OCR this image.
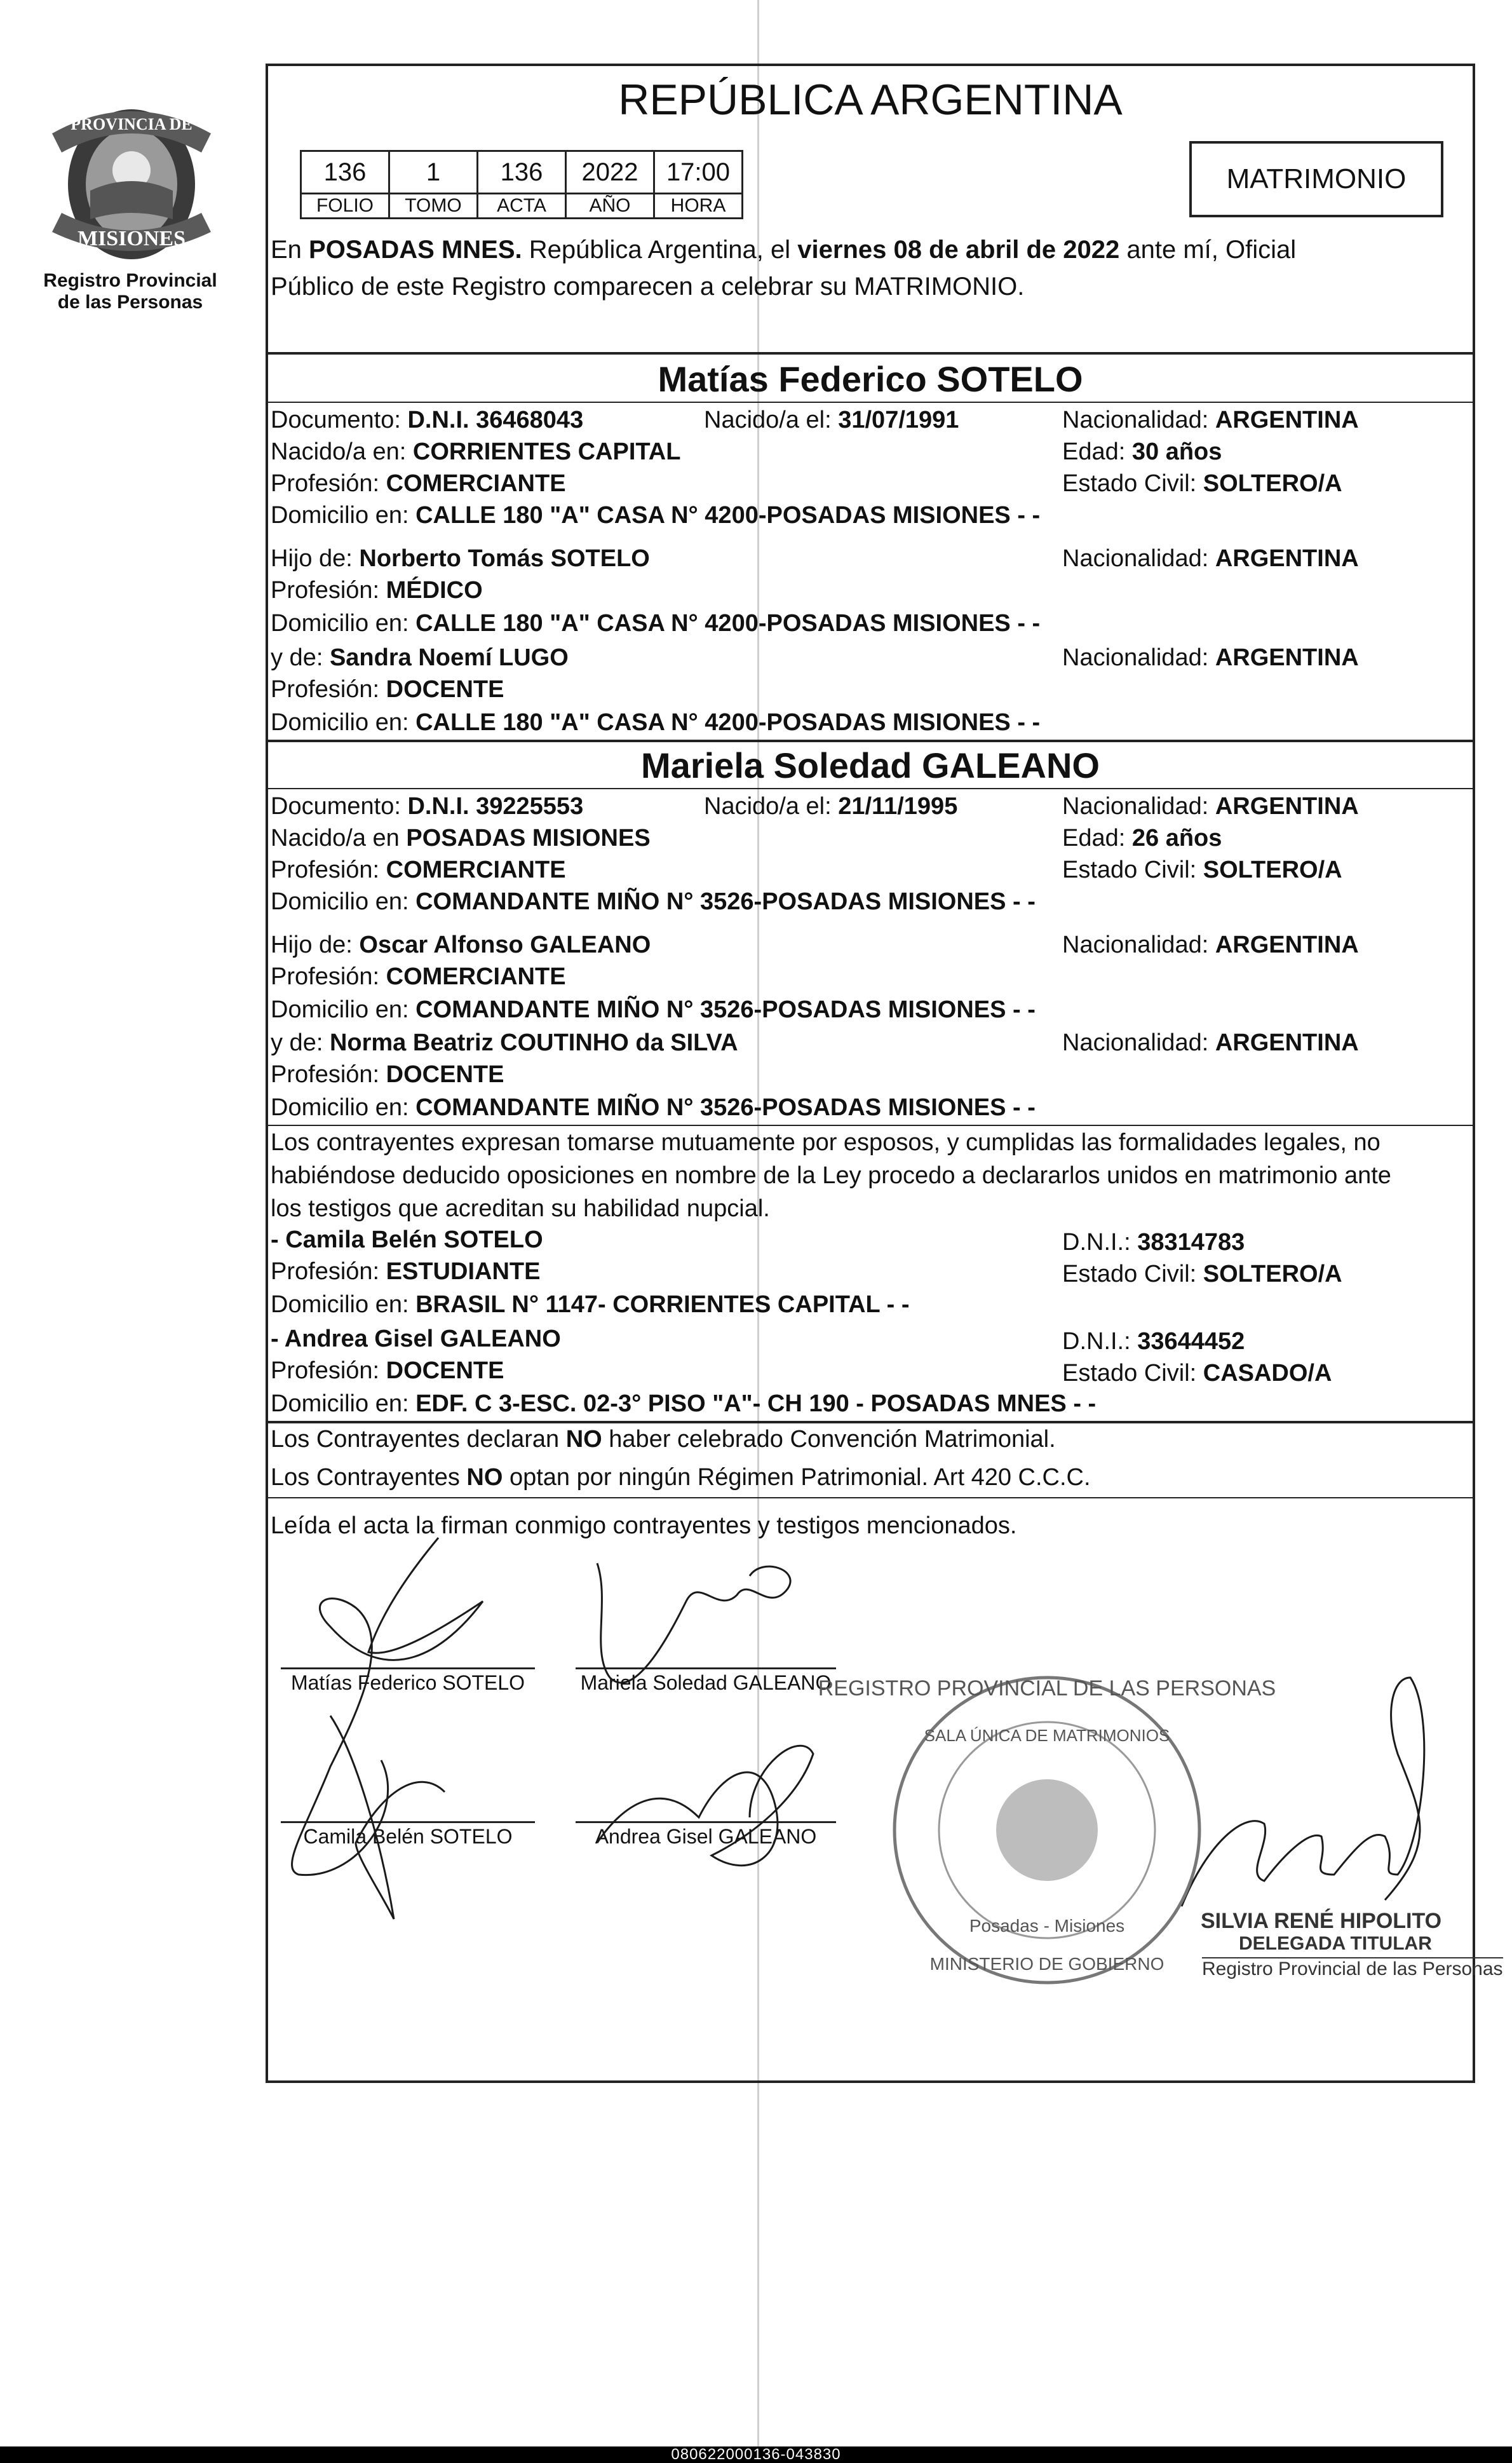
PROVINCIA DE
MISIONES
Registro Provincial
de las Personas
REPÚBLICA ARGENTINA
136	1	136	2022	17:00
FOLIO	TOMO	ACTA	AÑO	HORA
MATRIMONIO
En POSADAS MNES. República Argentina, el viernes 08 de abril de 2022 ante mí, Oficial
Público de este Registro comparecen a celebrar su MATRIMONIO.
Matías Federico SOTELO
Documento: D.N.I. 36468043	Nacido/a el: 31/07/1991	Nacionalidad: ARGENTINA
Nacido/a en: CORRIENTES CAPITAL	Edad: 30 años
Profesión: COMERCIANTE	Estado Civil: SOLTERO/A
Domicilio en: CALLE 180 "A" CASA N° 4200-POSADAS MISIONES - -
Hijo de: Norberto Tomás SOTELO	Nacionalidad: ARGENTINA
Profesión: MÉDICO
Domicilio en: CALLE 180 "A" CASA N° 4200-POSADAS MISIONES - -
y de: Sandra Noemí LUGO	Nacionalidad: ARGENTINA
Profesión: DOCENTE
Domicilio en: CALLE 180 "A" CASA N° 4200-POSADAS MISIONES - -
Mariela Soledad GALEANO
Documento: D.N.I. 39225553	Nacido/a el: 21/11/1995	Nacionalidad: ARGENTINA
Nacido/a en POSADAS MISIONES	Edad: 26 años
Profesión: COMERCIANTE	Estado Civil: SOLTERO/A
Domicilio en: COMANDANTE MIÑO N° 3526-POSADAS MISIONES - -
Hijo de: Oscar Alfonso GALEANO	Nacionalidad: ARGENTINA
Profesión: COMERCIANTE
Domicilio en: COMANDANTE MIÑO N° 3526-POSADAS MISIONES - -
y de: Norma Beatriz COUTINHO da SILVA	Nacionalidad: ARGENTINA
Profesión: DOCENTE
Domicilio en: COMANDANTE MIÑO N° 3526-POSADAS MISIONES - -
Los contrayentes expresan tomarse mutuamente por esposos, y cumplidas las formalidades legales, no
habiéndose deducido oposiciones en nombre de la Ley procedo a declararlos unidos en matrimonio ante
los testigos que acreditan su habilidad nupcial.
- Camila Belén SOTELO	D.N.I.: 38314783
Profesión: ESTUDIANTE	Estado Civil: SOLTERO/A
Domicilio en: BRASIL N° 1147- CORRIENTES CAPITAL - -
- Andrea Gisel GALEANO	D.N.I.: 33644452
Profesión: DOCENTE	Estado Civil: CASADO/A
Domicilio en: EDF. C 3-ESC. 02-3° PISO "A"- CH 190 - POSADAS MNES - -
Los Contrayentes declaran NO haber celebrado Convención Matrimonial.
Los Contrayentes NO optan por ningún Régimen Patrimonial. Art 420 C.C.C.
Leída el acta la firman conmigo contrayentes y testigos mencionados.
Matías Federico SOTELO	Mariela Soledad GALEANO
Camila Belén SOTELO	Andrea Gisel GALEANO
REGISTRO PROVINCIAL DE LAS PERSONAS
SALA ÚNICA DE MATRIMONIOS
Posadas - Misiones
MINISTERIO DE GOBIERNO
SILVIA RENÉ HIPOLITO
DELEGADA TITULAR
Registro Provincial de las Personas
080622000136-043830
